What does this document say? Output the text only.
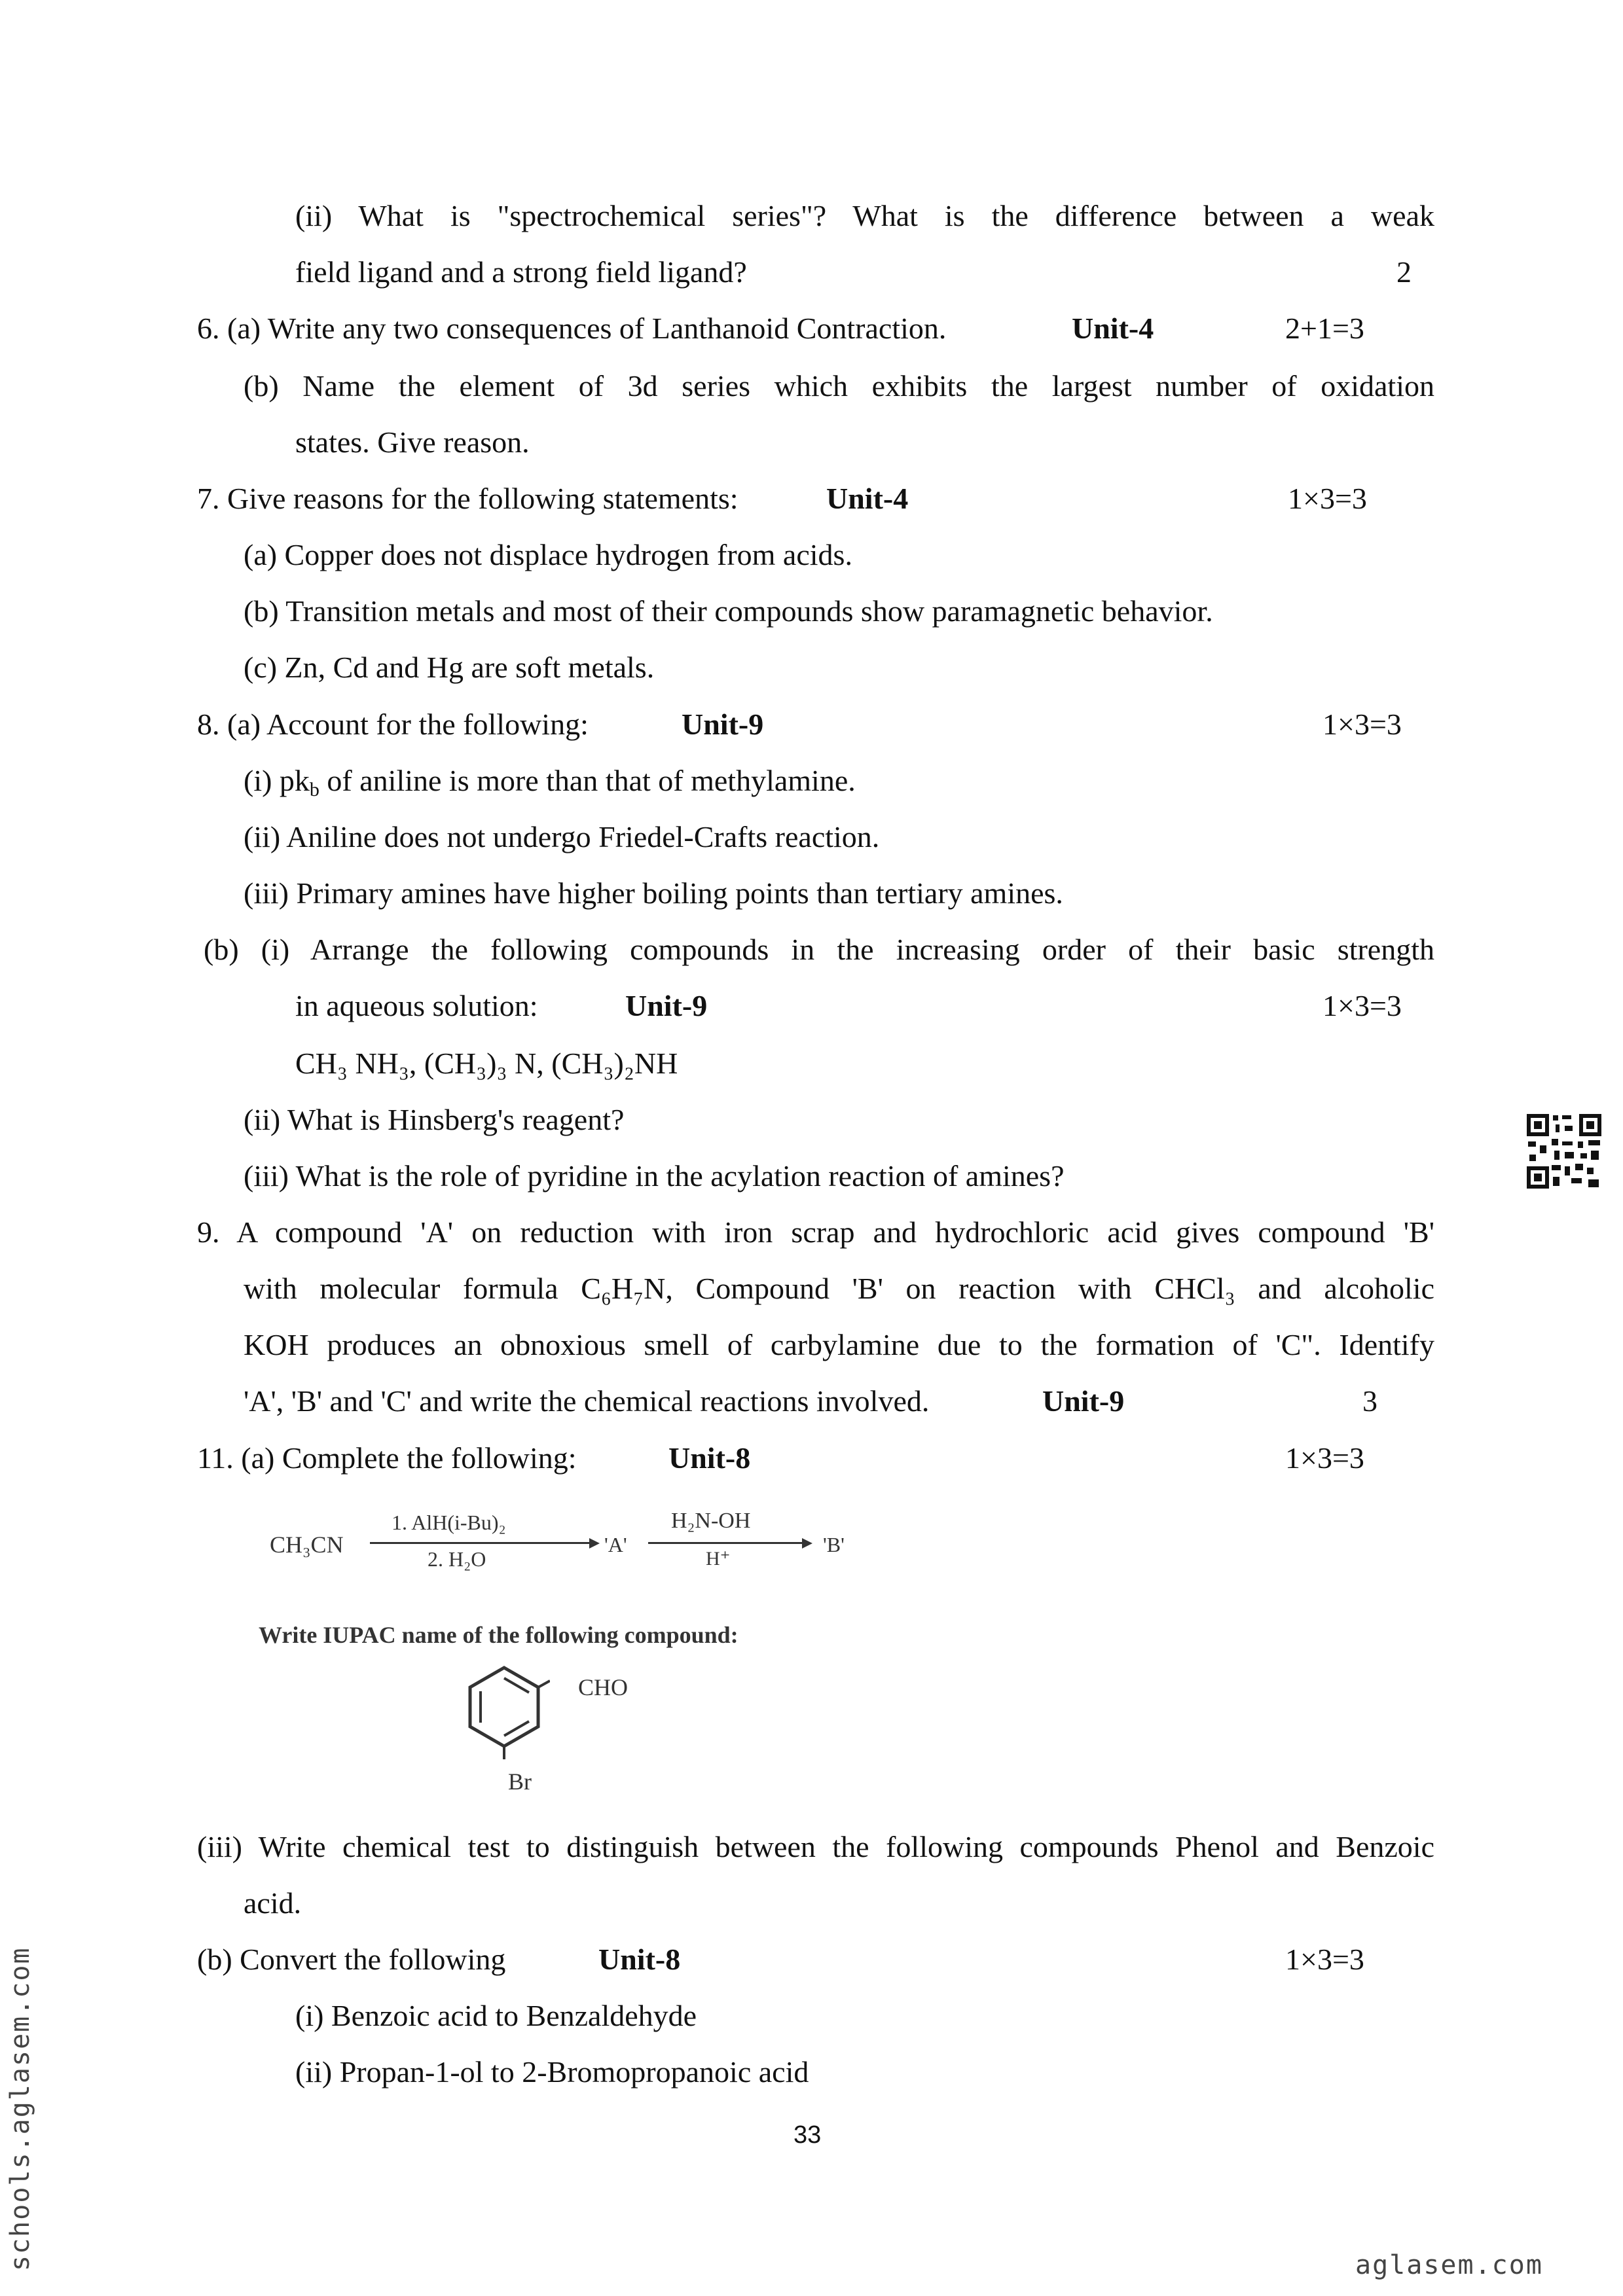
(ii) What is "spectrochemical series"? What is the difference between a weak
field ligand and a strong field ligand?	2
6. (a) Write any two consequences of Lanthanoid Contraction.	Unit-4	2+1=3
(b) Name the element of 3d series which exhibits the largest number of oxidation
states. Give reason.
7. Give reasons for the following statements:	Unit-4	1×3=3
(a) Copper does not displace hydrogen from acids.
(b) Transition metals and most of their compounds show paramagnetic behavior.
(c) Zn, Cd and Hg are soft metals.
8. (a) Account for the following:	Unit-9	1×3=3
(i) $pk_b$ of aniline is more than that of methylamine.
(ii) Aniline does not undergo Friedel-Crafts reaction.
(iii) Primary amines have higher boiling points than tertiary amines.
(b) (i) Arrange the following compounds in the increasing order of their basic strength
in aqueous solution:	Unit-9	1×3=3
CH₃ NH₃, (CH₃)₃ N, (CH₃)₂NH
(ii) What is Hinsberg's reagent?
(iii) What is the role of pyridine in the acylation reaction of amines?
9. A compound 'A' on reduction with iron scrap and hydrochloric acid gives compound 'B'
with molecular formula C₆H₇N, Compound 'B' on reaction with CHCl₃ and alcoholic
KOH produces an obnoxious smell of carbylamine due to the formation of 'C". Identify
'A', 'B' and 'C' and write the chemical reactions involved.	Unit-9	3
11. (a) Complete the following:	Unit-8	1×3=3
CH₃CN
1. AlH(i-Bu)₂
2. H₂O
'A'
H₂N-OH
H⁺
'B'
Write IUPAC name of the following compound:
CHO
Br
(iii) Write chemical test to distinguish between the following compounds Phenol and Benzoic
acid.
(b) Convert the following	Unit-8	1×3=3
(i) Benzoic acid to Benzaldehyde
(ii) Propan-1-ol to 2-Bromopropanoic acid
33
schools.aglasem.com	aglasem.com
